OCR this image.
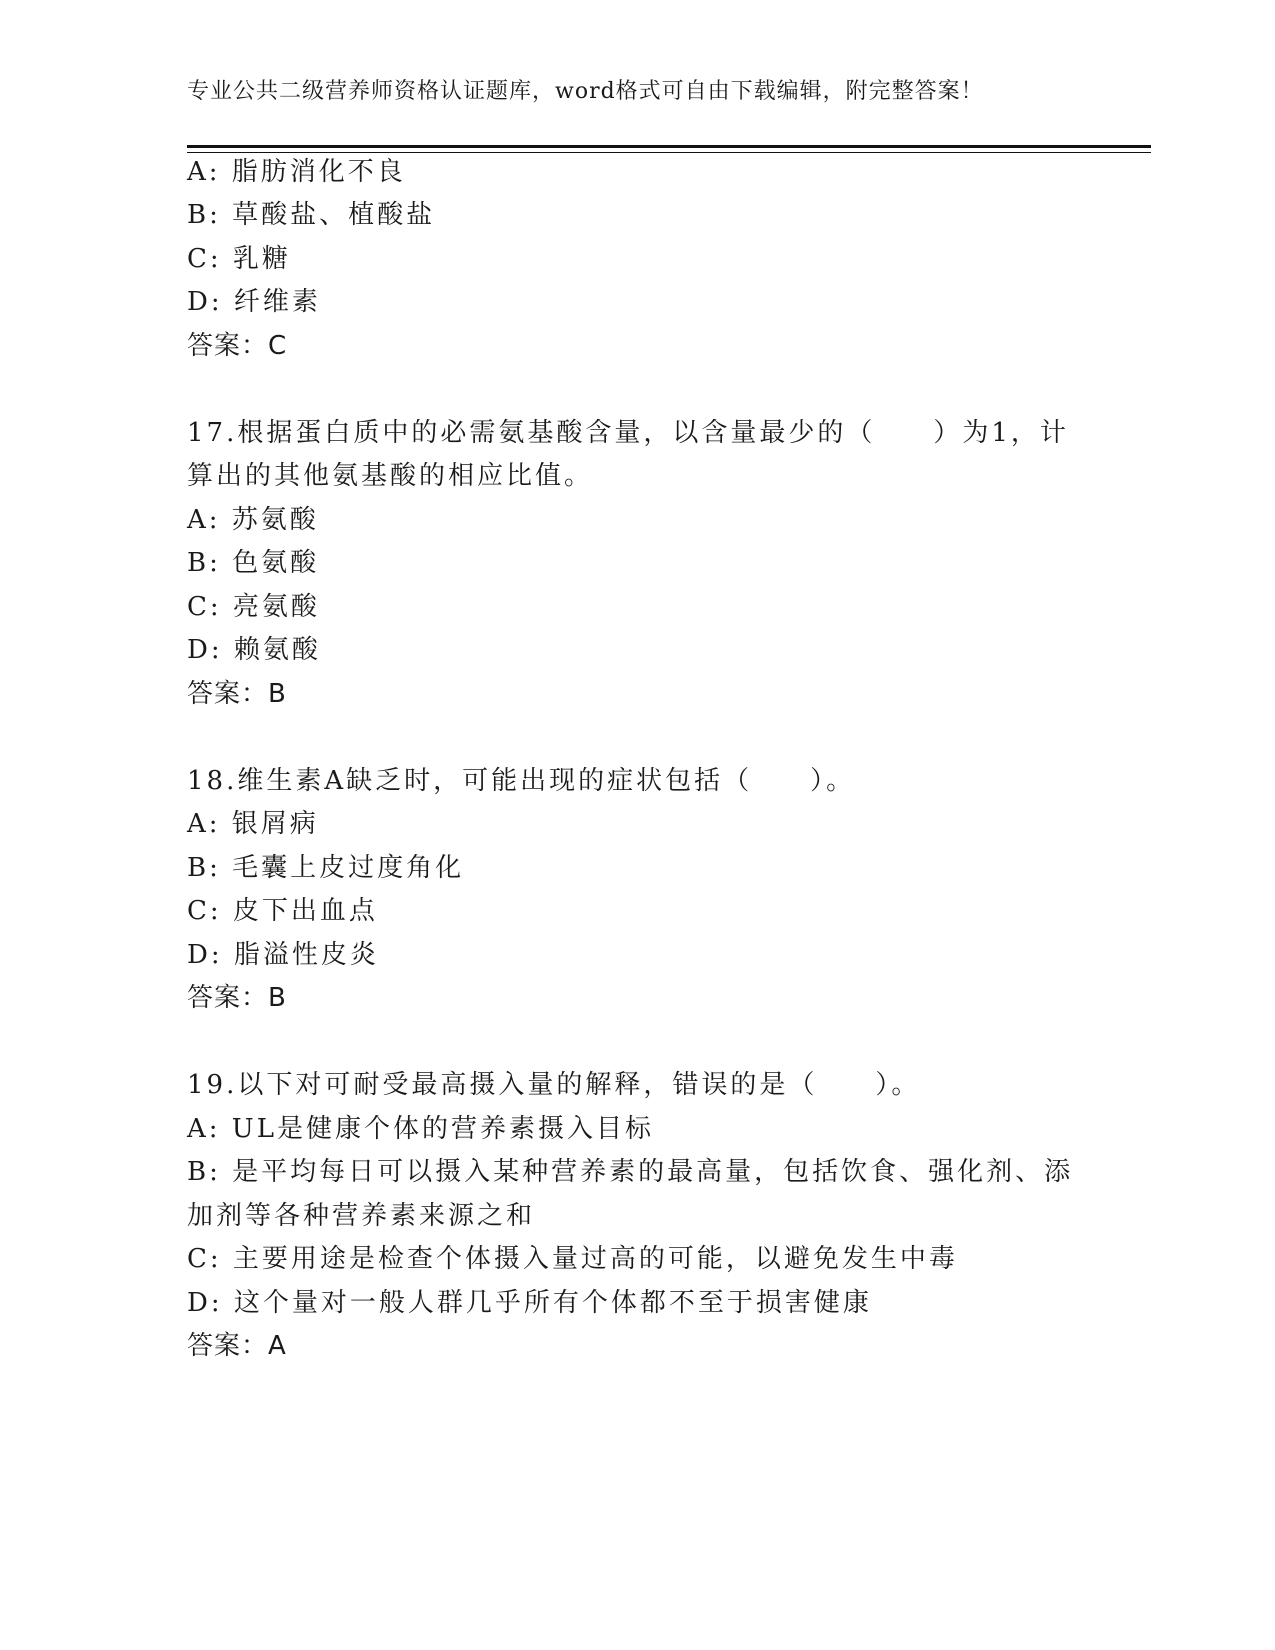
专业公共二级营养师资格认证题库，word格式可自由下载编辑，附完整答案！
A: 脂肪消化不良
B: 草酸盐、植酸盐
C: 乳糖
D: 纤维素
答案：C
17.根据蛋白质中的必需氨基酸含量，以含量最少的（　　）为1，计
算出的其他氨基酸的相应比值。
A: 苏氨酸
B: 色氨酸
C: 亮氨酸
D: 赖氨酸
答案：B
18.维生素A缺乏时，可能出现的症状包括（　　）。
A: 银屑病
B: 毛囊上皮过度角化
C: 皮下出血点
D: 脂溢性皮炎
答案：B
19.以下对可耐受最高摄入量的解释，错误的是（　　）。
A: UL是健康个体的营养素摄入目标
B: 是平均每日可以摄入某种营养素的最高量，包括饮食、强化剂、添
加剂等各种营养素来源之和
C: 主要用途是检查个体摄入量过高的可能，以避免发生中毒
D: 这个量对一般人群几乎所有个体都不至于损害健康
答案：A
